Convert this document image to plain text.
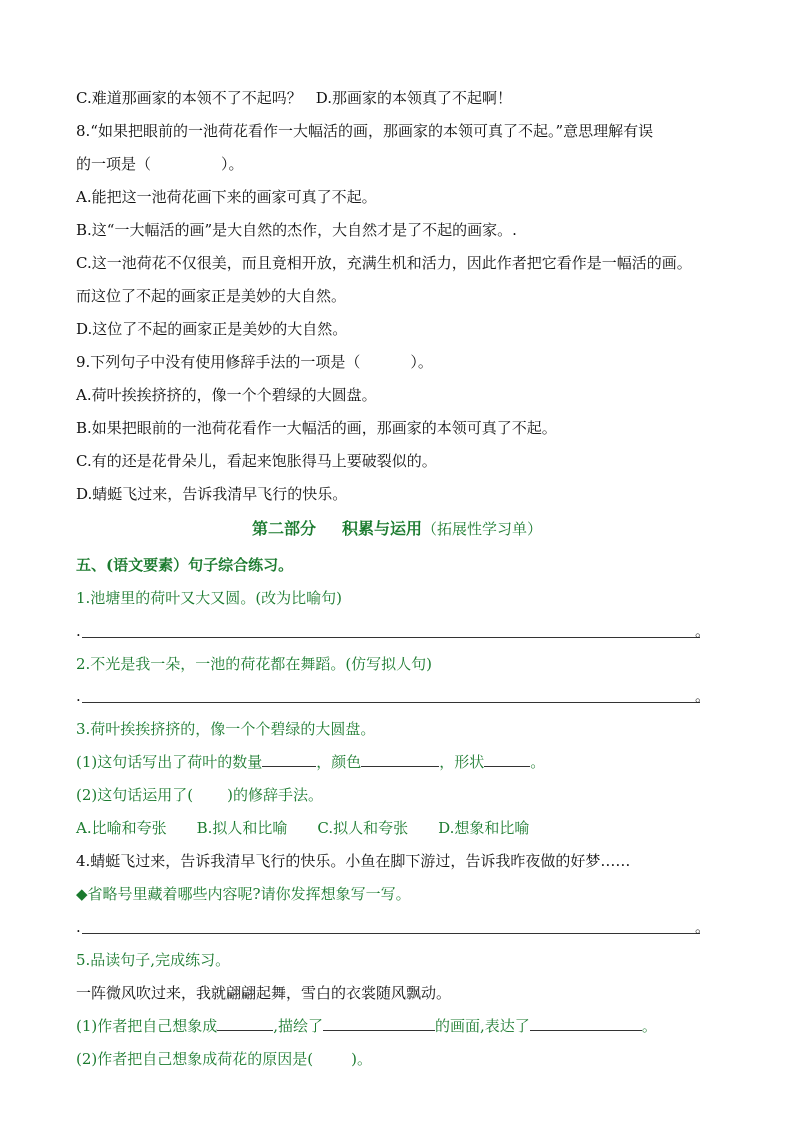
C.难道那画家的本领不了不起吗？ D.那画家的本领真了不起啊！
8.“如果把眼前的一池荷花看作一大幅活的画，那画家的本领可真了不起。”意思理解有误
的一项是（	）。
A.能把这一池荷花画下来的画家可真了不起。
B.这“一大幅活的画”是大自然的杰作，大自然才是了不起的画家。.
C.这一池荷花不仅很美，而且竟相开放，充满生机和活力，因此作者把它看作是一幅活的画。
而这位了不起的画家正是美妙的大自然。
D.这位了不起的画家正是美妙的大自然。
9.下列句子中没有使用修辞手法的一项是（	）。
A.荷叶挨挨挤挤的，像一个个碧绿的大圆盘。
B.如果把眼前的一池荷花看作一大幅活的画，那画家的本领可真了不起。
C.有的还是花骨朵儿，看起来饱胀得马上要破裂似的。
D.蜻蜓飞过来，告诉我清早飞行的快乐。
第二部分 积累与运用（拓展性学习单）
五、(语文要素）句子综合练习。
1.池塘里的荷叶又大又圆。(改为比喻句)
.	。
2.不光是我一朵，一池的荷花都在舞蹈。(仿写拟人句)
.	。
3.荷叶挨挨挤挤的，像一个个碧绿的大圆盘。
(1)这句话写出了荷叶的数量	，颜色	，形状	。
(2)这句话运用了( )的修辞手法。
A.比喻和夸张 B.拟人和比喻 C.拟人和夸张 D.想象和比喻
4.蜻蜓飞过来，告诉我清早飞行的快乐。小鱼在脚下游过，告诉我昨夜做的好梦……
◆省略号里藏着哪些内容呢?请你发挥想象写一写。
.	。
5.品读句子,完成练习。
一阵微风吹过来，我就翩翩起舞，雪白的衣裳随风飘动。
(1)作者把自己想象成	,描绘了	的画面,表达了	。
(2)作者把自己想象成荷花的原因是(	)。
